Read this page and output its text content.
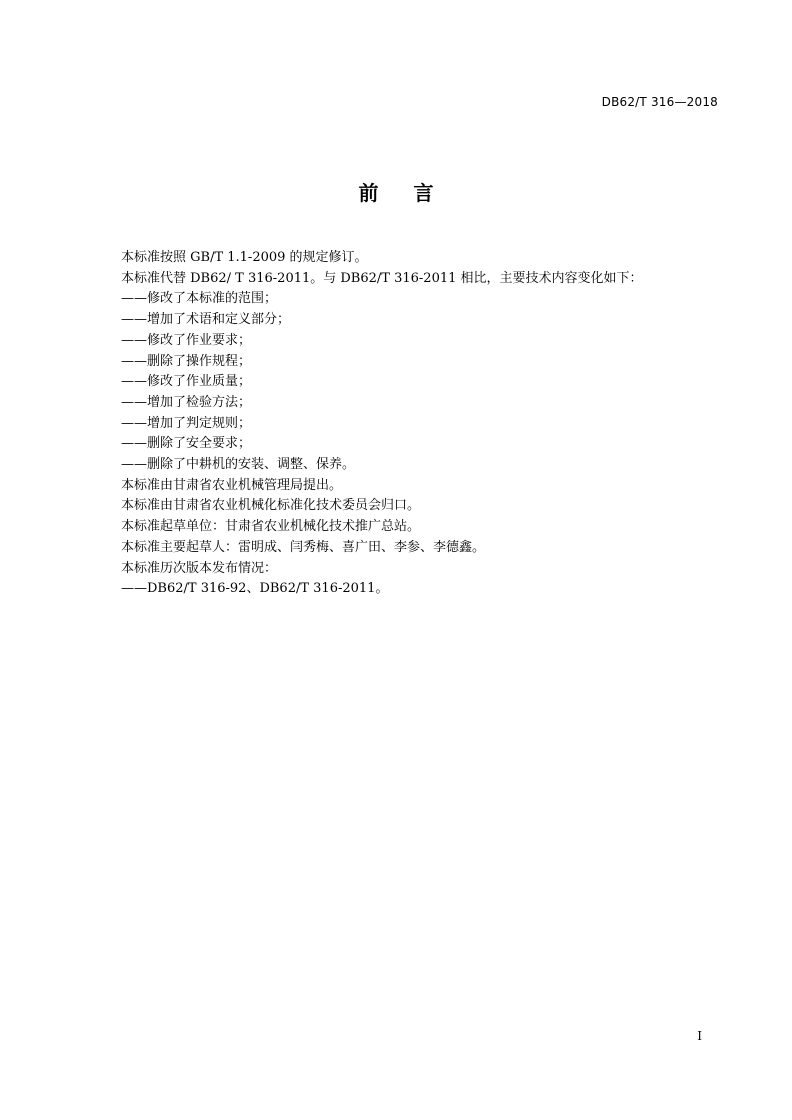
DB62/T 316—2018
前 言
本标准按照 GB/T 1.1-2009 的规定修订。
本标准代替 DB62/ T 316-2011。与 DB62/T 316-2011 相比，主要技术内容变化如下：
——修改了本标准的范围；
——增加了术语和定义部分；
——修改了作业要求；
——删除了操作规程；
——修改了作业质量；
——增加了检验方法；
——增加了判定规则；
——删除了安全要求；
——删除了中耕机的安装、调整、保养。
本标准由甘肃省农业机械管理局提出。
本标准由甘肃省农业机械化标准化技术委员会归口。
本标准起草单位：甘肃省农业机械化技术推广总站。
本标准主要起草人：雷明成、闫秀梅、喜广田、李参、李德鑫。
本标准历次版本发布情况：
——DB62/T 316-92、DB62/T 316-2011。
I
